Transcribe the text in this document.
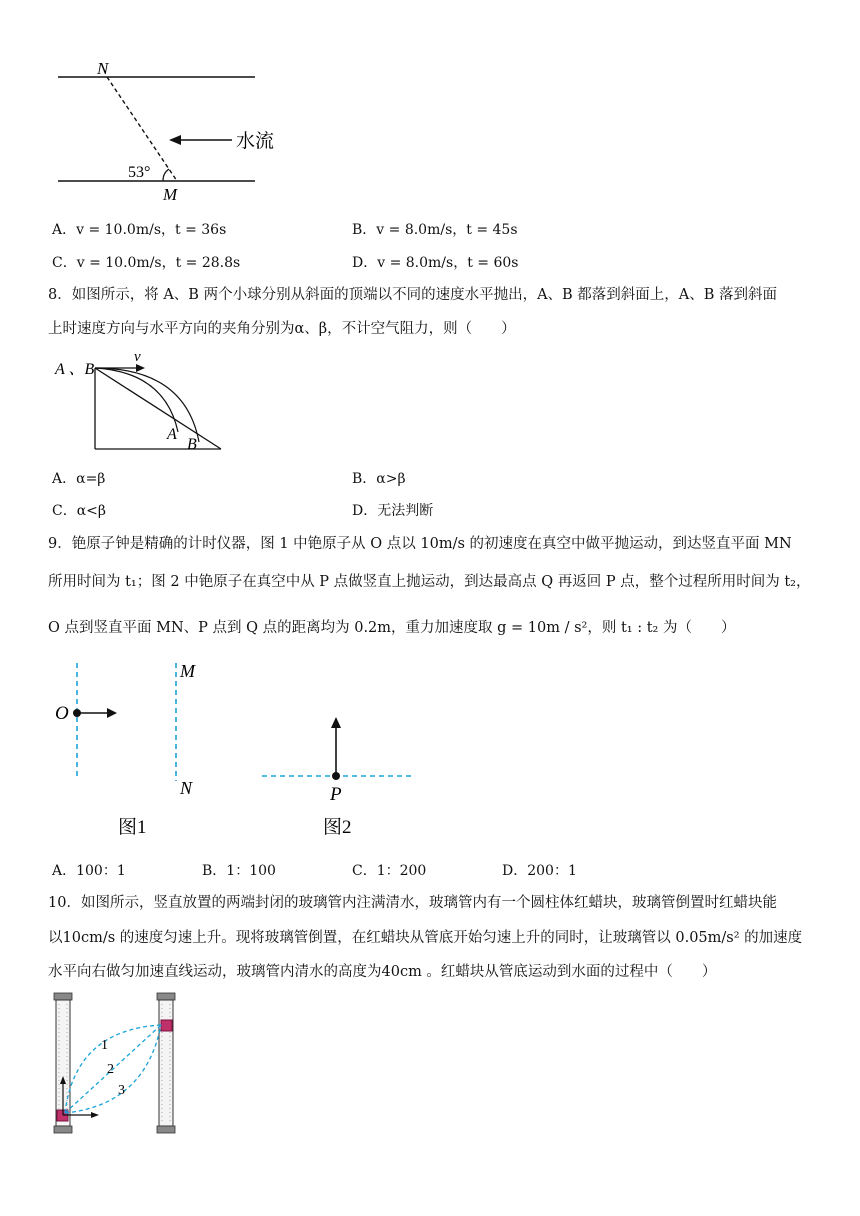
N
M
53°
水流
A．v = 10.0m/s，t = 36s	B．v = 8.0m/s，t = 45s
C．v = 10.0m/s，t = 28.8s	D．v = 8.0m/s，t = 60s
8．如图所示，将 A、B 两个小球分别从斜面的顶端以不同的速度水平抛出，A、B 都落到斜面上，A、B 落到斜面
上时速度方向与水平方向的夹角分别为α、β，不计空气阻力，则（　　）
A 、B
v
A
B
A．α=β	B．α>β
C．α<β	D．无法判断
9．铯原子钟是精确的计时仪器，图 1 中铯原子从 O 点以 10m/s 的初速度在真空中做平抛运动，到达竖直平面 MN
所用时间为 t₁；图 2 中铯原子在真空中从 P 点做竖直上抛运动，到达最高点 Q 再返回 P 点，整个过程所用时间为 t₂，
O 点到竖直平面 MN、P 点到 Q 点的距离均为 0.2m，重力加速度取 g = 10m / s²，则 t₁ : t₂ 为（　　）
O
M
N
图1
P
图2
A．100：1	B．1：100	C．1：200	D．200：1
10．如图所示，竖直放置的两端封闭的玻璃管内注满清水，玻璃管内有一个圆柱体红蜡块，玻璃管倒置时红蜡块能
以10cm/s 的速度匀速上升。现将玻璃管倒置，在红蜡块从管底开始匀速上升的同时，让玻璃管以 0.05m/s² 的加速度
水平向右做匀加速直线运动，玻璃管内清水的高度为40cm 。红蜡块从管底运动到水面的过程中（　　）
1
2
3
